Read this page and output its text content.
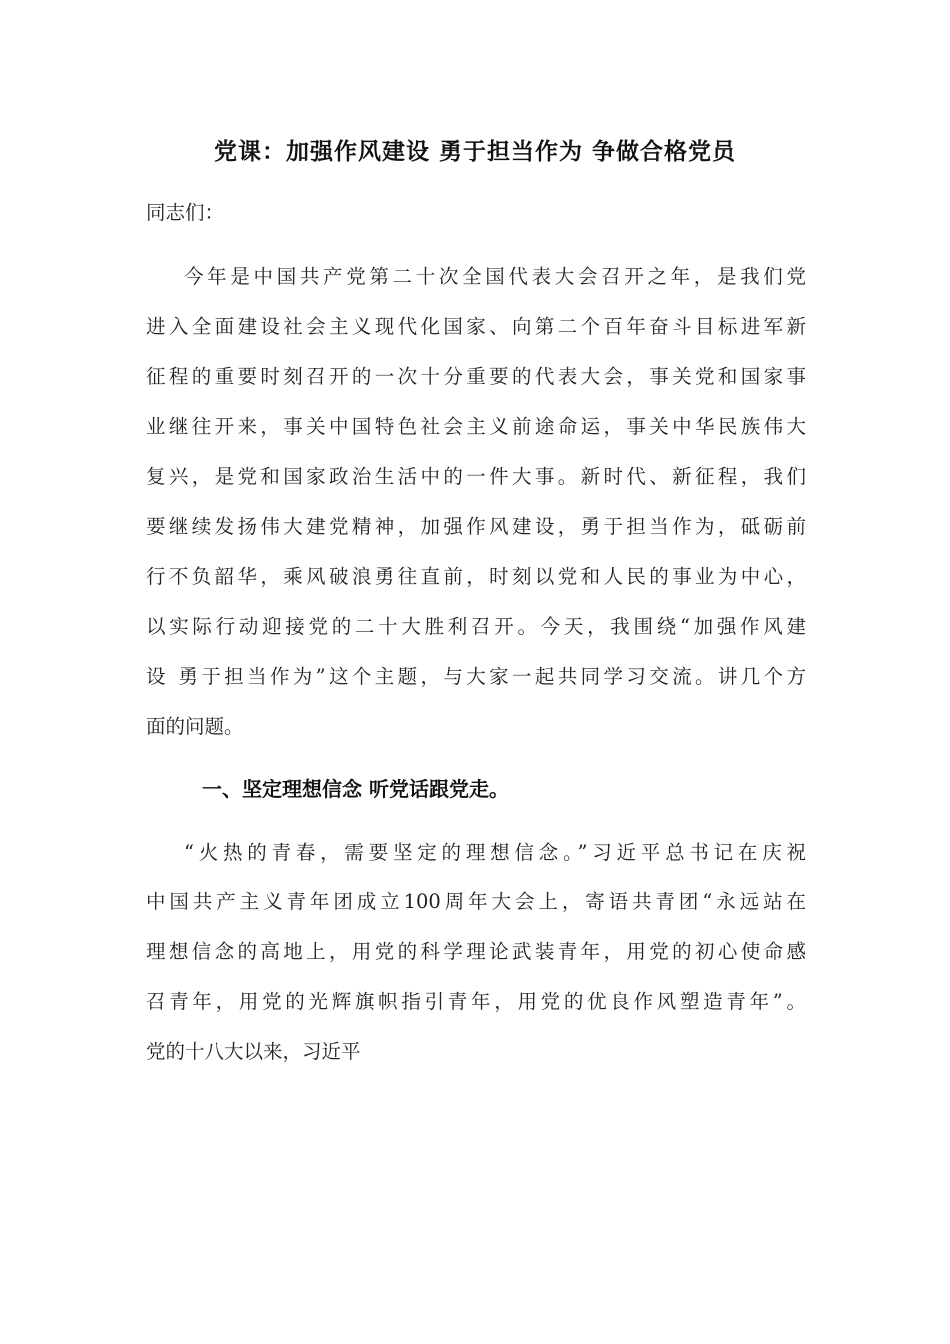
党课：加强作风建设 勇于担当作为 争做合格党员
同志们：
今年是中国共产党第二十次全国代表大会召开之年，是我们党
进入全面建设社会主义现代化国家、向第二个百年奋斗目标进军新
征程的重要时刻召开的一次十分重要的代表大会，事关党和国家事
业继往开来，事关中国特色社会主义前途命运，事关中华民族伟大
复兴，是党和国家政治生活中的一件大事。新时代、新征程，我们
要继续发扬伟大建党精神，加强作风建设，勇于担当作为，砥砺前
行不负韶华，乘风破浪勇往直前，时刻以党和人民的事业为中心，
以实际行动迎接党的二十大胜利召开。今天，我围绕“加强作风建
设 勇于担当作为”这个主题，与大家一起共同学习交流。讲几个方
面的问题。
一、坚定理想信念 听党话跟党走。
“火热的青春，需要坚定的理想信念。”习近平总书记在庆祝
中国共产主义青年团成立100周年大会上，寄语共青团“永远站在
理想信念的高地上，用党的科学理论武装青年，用党的初心使命感
召青年，用党的光辉旗帜指引青年，用党的优良作风塑造青年”。
党的十八大以来，习近平
